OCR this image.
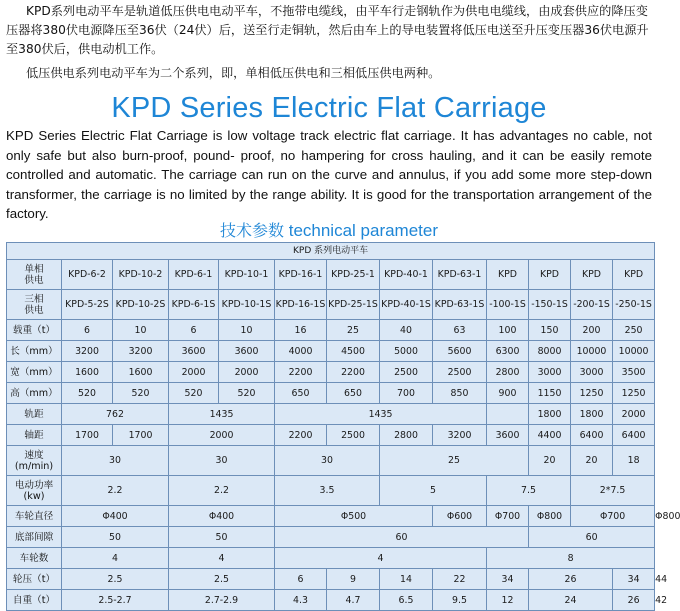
KPD系列电动平车是轨道低压供电电动平车，不拖带电缆线，由平车行走钢轨作为供电电缆线，由成套供应的降压变压器将380伏电源降压至36伏（24伏）后，送至行走铜轨，然后由车上的导电装置将低压电送至升压变压器36伏电源升至380伏后，供电动机工作。
低压供电系列电动平车为二个系列，即，单相低压供电和三相低压供电两种。
KPD Series Electric Flat Carriage
KPD Series Electric Flat Carriage is low voltage track electric flat carriage. It has advantages no cable, not only safe but also burn-proof, pound- proof, no hampering for cross hauling, and it can be easily remote controlled and automatic. The carriage can run on the curve and annulus, if you add some more step-down transformer, the carriage is no limited by the range ability. It is good for the transportation arrangement of the factory.
技术参数 technical parameter
KPD 系列电动平车													
单相
供电	KPD-6-2	KPD-10-2	KPD-6-1	KPD-10-1	KPD-16-1	KPD-25-1	KPD-40-1	KPD-63-1	KPD	KPD	KPD	KPD	
三相
供电	KPD-5-2S	KPD-10-2S	KPD-6-1S	KPD-10-1S	KPD-16-1S	KPD-25-1S	KPD-40-1S	KPD-63-1S	-100-1S	-150-1S	-200-1S	-250-1S	
载重（t）	6	10	6	10	16	25	40	63	100	150	200	250	
长（mm）	3200	3200	3600	3600	4000	4500	5000	5600	6300	8000	10000	10000	
宽（mm）	1600	1600	2000	2000	2200	2200	2500	2500	2800	3000	3000	3500	
高（mm）	520	520	520	520	650	650	700	850	900	1150	1250	1250	
轨距	762		1435		1435					1800	1800	2000	
轴距	1700	1700	2000		2200	2500	2800	3200	3600	4400	6400	6400	
速度
(m/min)	30		30		30		25			20	20	18	
电动功率
(kw)	2.2		2.2		3.5		5		7.5		2*7.5		
车轮直径	Φ400		Φ400		Φ500			Φ600	Φ700	Φ800	Φ700		Φ800
底部间隙	50		50		60					60			
车轮数	4		4		4				8				
轮压（t）	2.5		2.5		6	9	14	22	34	26		34	44
自重（t）	2.5-2.7		2.7-2.9		4.3	4.7	6.5	9.5	12	24		26	42
